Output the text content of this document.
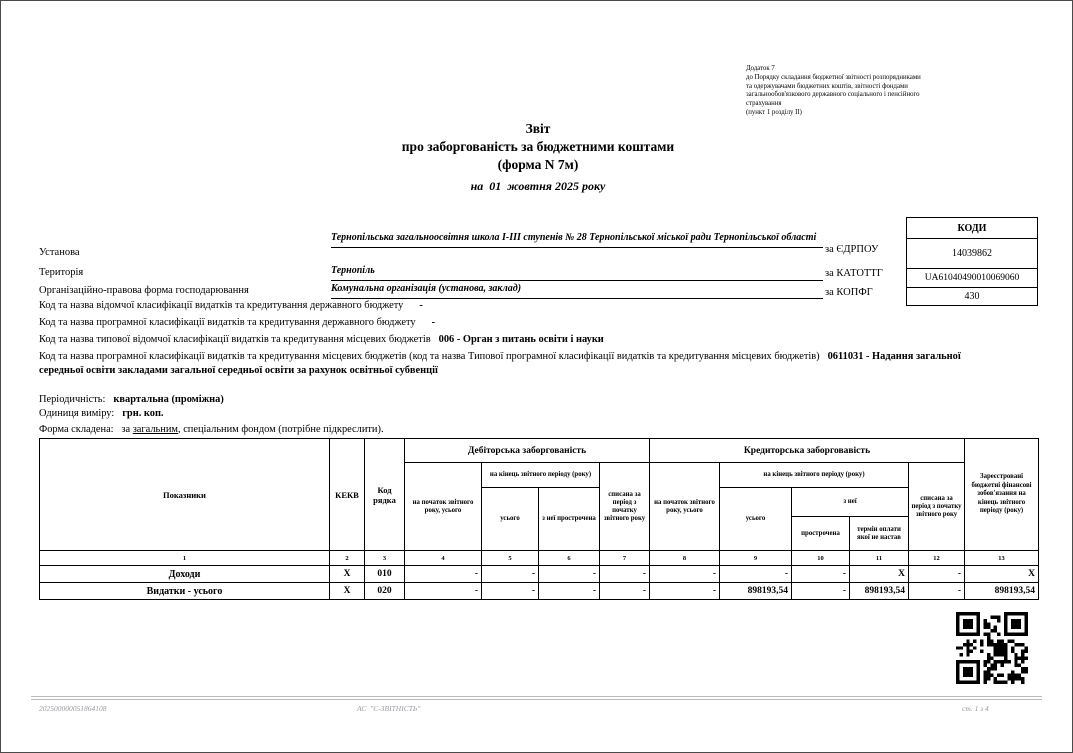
Додаток 7
до Порядку складання бюджетної звітності розпорядниками
та одержувачами бюджетних коштів, звітності фондами
загальнообов'язкового державного соціального і пенсійного
страхування
(пункт 1 розділу ІІ)
Звіт
про заборгованість за бюджетними коштами
(форма N 7м)
на  01  жовтня 2025 року
Установа
Тернопільська загальноосвітня школа І-ІІІ ступенів № 28 Тернопільської міської ради Тернопільської області
Територія	Тернопіль
Організаційно-правова форма господарювання	Комунальна організація (установа, заклад)
за ЄДРПОУ
за КАТОТТГ
за КОПФГ
КОДИ
14039862
UA61040490010069060
430
Код та назва відомчої класифікації видатків та кредитування державного бюджету -
Код та назва програмної класифікації видатків та кредитування державного бюджету -
Код та назва типової відомчої класифікації видатків та кредитування місцевих бюджетів 006 - Орган з питань освіти і науки
Код та назва програмної класифікації видатків та кредитування місцевих бюджетів (код та назва Типової програмної класифікації видатків та кредитування місцевих бюджетів) 0611031 - Надання загальної середньої освіти закладами загальної середньої освіти за рахунок освітньої субвенції
Періодичність: квартальна (проміжна)
Одиниця виміру: грн. коп.
Форма складена:   за загальним, спеціальним фондом (потрібне підкреслити).
Показники	КЕКВ	Код рядка	Дебіторська заборгованість				Кредиторська заборговавість					Зареєстровані бюджетні фінансові зобов'язання на кінець звітного періоду (року)
			на початок звітного року, усього	на кінець звітного періоду (року)		списана за період з початку звітного року	на початок звітного року, усього	на кінець звітного періоду (року)			списана за період з початку звітного року	
				усього	з неї прострочена			усього	з неї			
									прострочена	термін оплати якої не настав		
1	2	3	4	5	6	7	8	9	10	11	12	13
Доходи	Х	010	-	-	-	-	-	-	-	Х	-	Х
Видатки - усього	Х	020	-	-	-	-	-	898193,54	-	898193,54	-	898193,54
202500000051864108	АС  "Є-ЗВІТНІСТЬ"	ст. 1 з 4
